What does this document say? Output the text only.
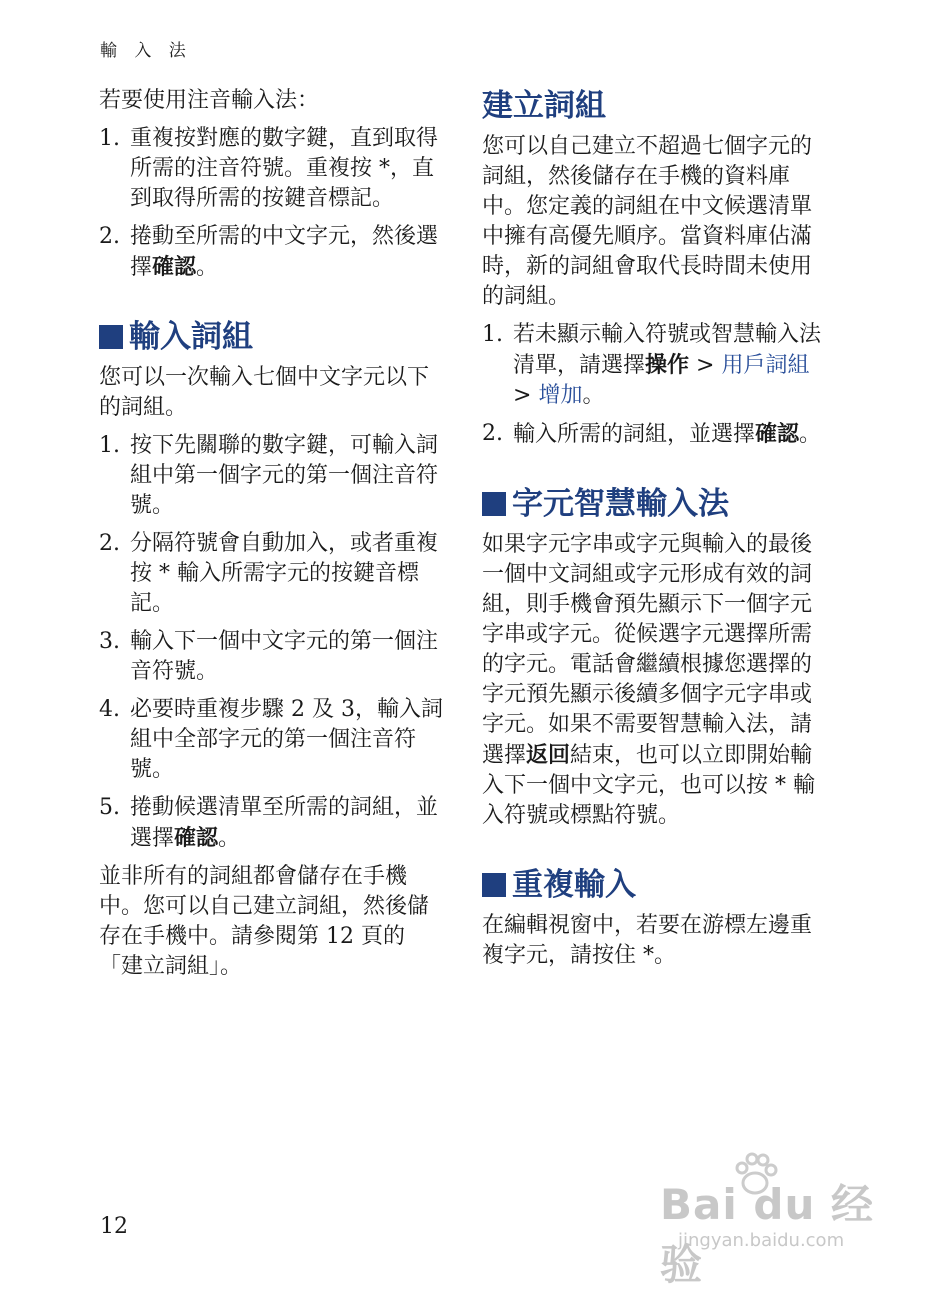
輸 入 法

若要使用注音輸入法：

1. 重複按對應的數字鍵，直到取得所需的注音符號。重複按 *，直到取得所需的按鍵音標記。
2. 捲動至所需的中文字元，然後選擇確認。
輸入詞組

您可以一次輸入七個中文字元以下的詞組。

1. 按下先關聯的數字鍵，可輸入詞組中第一個字元的第一個注音符號。
2. 分隔符號會自動加入，或者重複按 * 輸入所需字元的按鍵音標記。
3. 輸入下一個中文字元的第一個注音符號。
4. 必要時重複步驟 2 及 3，輸入詞組中全部字元的第一個注音符號。
5. 捲動候選清單至所需的詞組，並選擇確認。

並非所有的詞組都會儲存在手機中。您可以自己建立詞組，然後儲存在手機中。請參閱第 12 頁的 「建立詞組」。

建立詞組

您可以自己建立不超過七個字元的詞組，然後儲存在手機的資料庫中。您定義的詞組在中文候選清單中擁有高優先順序。當資料庫佔滿時，新的詞組會取代長時間未使用的詞組。

1. 若未顯示輸入符號或智慧輸入法清單，請選擇操作 > 用戶詞組 > 增加。
2. 輸入所需的詞組，並選擇確認。
字元智慧輸入法

如果字元字串或字元與輸入的最後一個中文詞組或字元形成有效的詞組，則手機會預先顯示下一個字元字串或字元。從候選字元選擇所需的字元。電話會繼續根據您選擇的字元預先顯示後續多個字元字串或字元。如果不需要智慧輸入法，請選擇返回結束，也可以立即開始輸入下一個中文字元，也可以按 * 輸入符號或標點符號。

重複輸入

在編輯視窗中，若要在游標左邊重複字元，請按住 *。

12	Bai du 经验
jingyan.baidu.com
